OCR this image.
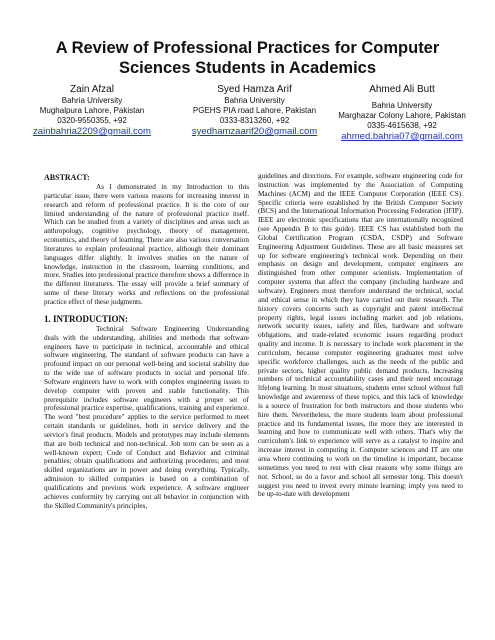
A Review of Professional Practices for Computer Sciences Students in Academics
Zain Afzal
Bahria University
Mughalpura Lahore, Pakistan
0320-9550355, +92
zainbahria2209@gmail.com
Syed Hamza Arif
Bahria University
PGEHS PIA road Lahore, Pakistan
0333-8313260, +92
syedhamzaarif20@gmail.com
Ahmed Ali Butt
Bahria University
Marghazar Colony Lahore, Pakistan
0335-4615638, +92
ahmed.bahria07@gmail.com
ABSTRACT:

As I demonstrated in my Introduction to this particular issue, there were various reasons for increasing interest in research and reform of professional practice. It is the core of our limited understanding of the nature of professional practice itself. Which can be studied from a variety of disciplines and areas such as anthropology, cognitive psychology, theory of management, economics, and theory of learning. There are also various conversation literatures to explain professional practice, although their dominant languages differ slightly. It involves studies on the nature of knowledge, instruction in the classroom, learning conditions, and more. Studies into professional practice therefore shows a difference in the different literatures. The essay will provide a brief summary of some of these literary works and reflections on the professional practice effect of these judgments.

1. INTRODUCTION:

Technical Software Engineering Understanding deals with the understanding, abilities and methods that software engineers have to participate in technical, accountable and ethical software engineering. The standard of software products can have a profound impact on our personal well-being and societal stability due to the wide use of software products in social and personal life. Software engineers have to work with complex engineering issues to develop computer with proven and stable functionality. This prerequisite includes software engineers with a proper set of professional practice expertise, qualifications, training and experience. The word "best procedure" applies to the service performed to meet certain standards or guidelines, both in service delivery and the service's final products. Models and prototypes may include elements that are both technical and non-technical. Job term can be seen as a well-known expert; Code of Conduct and Behavior and criminal penalties; obtain qualifications and authorizing procedures; and most skilled organizations are in power and doing everything. Typically, admission to skilled companies is based on a combination of qualifications and previous work experience. A software engineer achieves conformity by carrying out all behavior in conjunction with the Skilled Community's principles,

guidelines and directions. For example, software engineering code for instruction was implemented by the Association of Computing Machines (ACM) and the IEEE Computer Corporation (IEEE CS). Specific criteria were established by the British Computer Society (BCS) and the International Information Processing Federation (IFIP). IEEE are electronic specifications that are internationally recognized (see Appendix B to this guide). IEEE CS has established both the Global Certification Program (CSDA, CSDP) and Software Engineering Adjustment Guidelines. These are all basic measures set up for software engineering's technical work. Depending on their emphasis on design and development, computer engineers are distinguished from other computer scientists. Implementation of computer systems that affect the company (including hardware and software). Engineers must therefore understand the technical, social and ethical sense in which they have carried out their research. The history covers concerns such as copyright and patent intellectual property rights, legal issues including market and job relations, network security issues, safety and files, hardware and software obligations, and trade-related economic issues regarding product quality and income. It is necessary to include work placement in the curriculum, because computer engineering graduates must solve specific workforce challenges, such as the needs of the public and private sectors, higher quality public demand products, Increasing numbers of technical accountability cases and their need encourage lifelong learning. In most situations, students enter school without full knowledge and awareness of these topics, and this lack of knowledge is a source of frustration for both instructors and those students who hire them. Nevertheless, the more students learn about professional practice and its fundamental issues, the more they are interested in learning and how to communicate well with others. That's why the curriculum's link to experience will serve as a catalyst to inspire and increase interest in computing it. Computer sciences and IT are one area where continuing to work on the timeline is important, because sometimes you need to rest with clear reasons why some things are not. School, so do a favor and school all semester long. This doesn't suggest you need to invest every minute learning; imply you need to be up-to-date with development
